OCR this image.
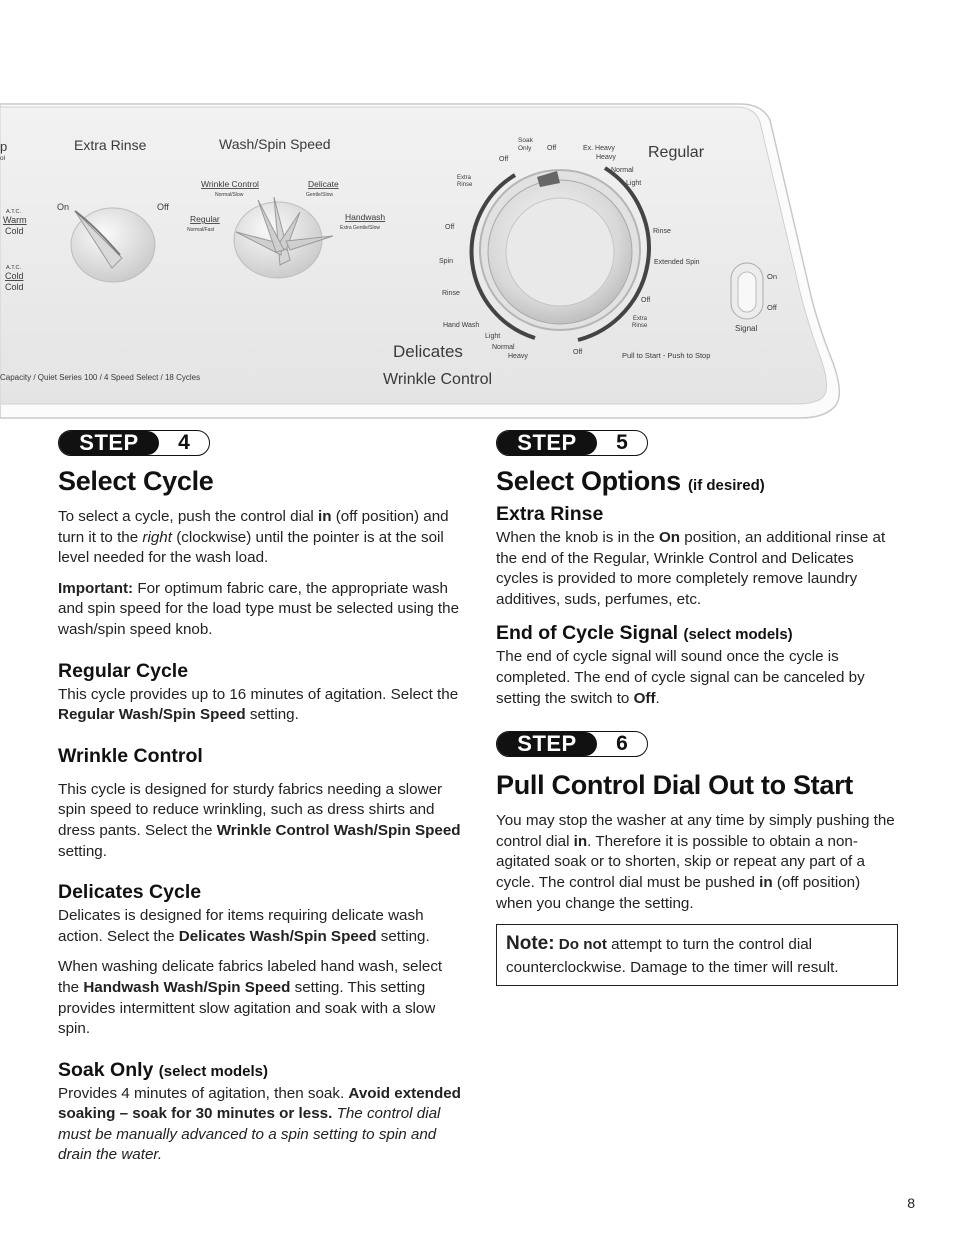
p
ol
A.T.C.
Warm
Cold
A.T.C.
Cold
Cold
Extra Rinse
On	Off
Wash/Spin Speed
Wrinkle Control
Normal/Slow
Delicate
Gentle/Slow
Regular
Normal/Fast
Handwash
Extra Gentle/Slow
Soak
Only Off
Off
Ex. Heavy
Heavy
Normal
Light
Regular
Extra
Rinse
Off
Spin
Rinse
Hand Wash
Light
Normal
Heavy
Off
Rinse
Extended Spin
Off
Extra
Rinse
Delicates
Wrinkle Control
Pull to Start - Push to Stop
Capacity / Quiet Series 100 / 4 Speed Select / 18 Cycles
On
Off
Signal
STEP	4
Select Cycle

To select a cycle, push the control dial in (off position) and turn it to the right (clockwise) until the pointer is at the soil level needed for the wash load.

Important: For optimum fabric care, the appropriate wash and spin speed for the load type must be selected using the wash/spin speed knob.

Regular Cycle

This cycle provides up to 16 minutes of agitation. Select the Regular Wash/Spin Speed setting.

Wrinkle Control

This cycle is designed for sturdy fabrics needing a slower spin speed to reduce wrinkling, such as dress shirts and dress pants. Select the Wrinkle Control Wash/Spin Speed setting.

Delicates Cycle

Delicates is designed for items requiring delicate wash action. Select the Delicates Wash/Spin Speed setting.

When washing delicate fabrics labeled hand wash, select the Handwash Wash/Spin Speed setting. This setting provides intermittent slow agitation and soak with a slow spin.

Soak Only (select models)

Provides 4 minutes of agitation, then soak. Avoid extended soaking – soak for 30 minutes or less. The control dial must be manually advanced to a spin setting to spin and drain the water.

STEP	5
Select Options (if desired)
Extra Rinse

When the knob is in the On position, an additional rinse at the end of the Regular, Wrinkle Control and Delicates cycles is provided to more completely remove laundry additives, suds, perfumes, etc.

End of Cycle Signal (select models)

The end of cycle signal will sound once the cycle is completed. The end of cycle signal can be canceled by setting the switch to Off.

STEP	6
Pull Control Dial Out to Start

You may stop the washer at any time by simply pushing the control dial in. Therefore it is possible to obtain a non-agitated soak or to shorten, skip or repeat any part of a cycle. The control dial must be pushed in (off position) when you change the setting.

Note: Do not attempt to turn the control dial counterclockwise. Damage to the timer will result.
8
